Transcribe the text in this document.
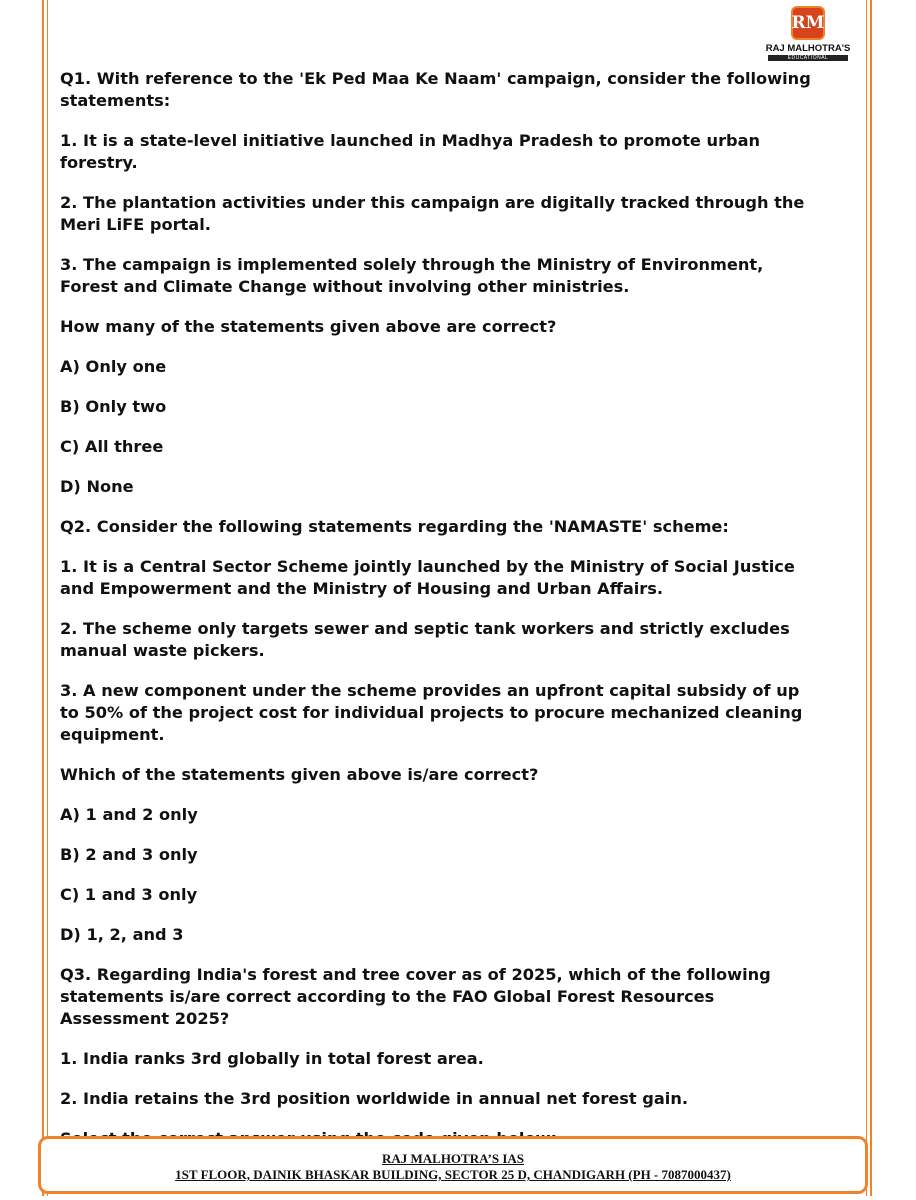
RM
RAJ MALHOTRA'S
EDUCATIONAL

Q1. With reference to the 'Ek Ped Maa Ke Naam' campaign, consider the following statements:

1. It is a state-level initiative launched in Madhya Pradesh to promote urban forestry.

2. The plantation activities under this campaign are digitally tracked through the Meri LiFE portal.

3. The campaign is implemented solely through the Ministry of Environment, Forest and Climate Change without involving other ministries.

How many of the statements given above are correct?

A) Only one

B) Only two

C) All three

D) None

Q2. Consider the following statements regarding the 'NAMASTE' scheme:

1. It is a Central Sector Scheme jointly launched by the Ministry of Social Justice and Empowerment and the Ministry of Housing and Urban Affairs.

2. The scheme only targets sewer and septic tank workers and strictly excludes manual waste pickers.

3. A new component under the scheme provides an upfront capital subsidy of up to 50% of the project cost for individual projects to procure mechanized cleaning equipment.

Which of the statements given above is/are correct?

A) 1 and 2 only

B) 2 and 3 only

C) 1 and 3 only

D) 1, 2, and 3

Q3. Regarding India's forest and tree cover as of 2025, which of the following statements is/are correct according to the FAO Global Forest Resources Assessment 2025?

1. India ranks 3rd globally in total forest area.

2. India retains the 3rd position worldwide in annual net forest gain.

RAJ MALHOTRA’S IAS
1ST FLOOR, DAINIK BHASKAR BUILDING, SECTOR 25 D, CHANDIGARH (PH - 7087000437)
